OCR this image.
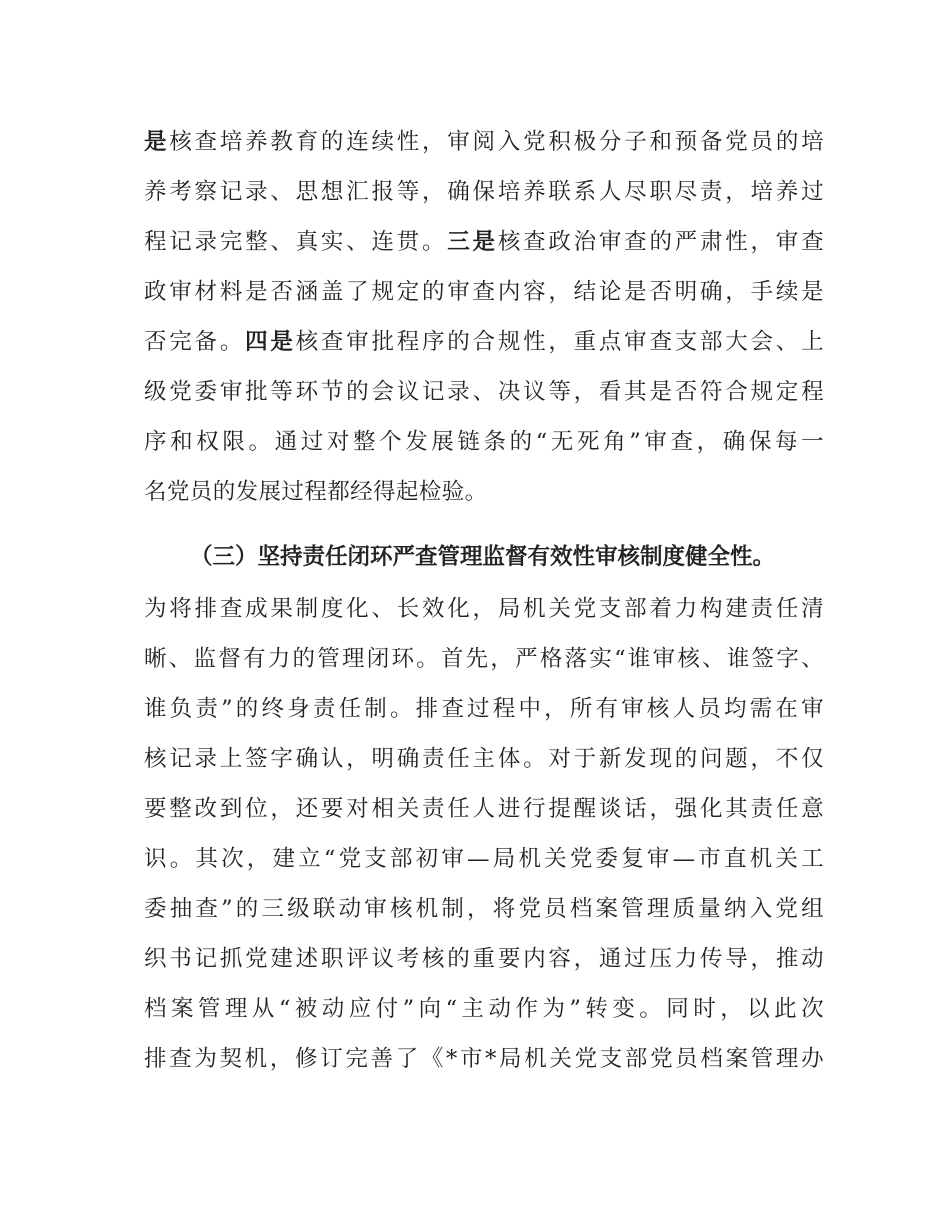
是核查培养教育的连续性，审阅入党积极分子和预备党员的培
养考察记录、思想汇报等，确保培养联系人尽职尽责，培养过
程记录完整、真实、连贯。三是核查政治审查的严肃性，审查
政审材料是否涵盖了规定的审查内容，结论是否明确，手续是
否完备。四是核查审批程序的合规性，重点审查支部大会、上
级党委审批等环节的会议记录、决议等，看其是否符合规定程
序和权限。通过对整个发展链条的“无死角”审查，确保每一
名党员的发展过程都经得起检验。
（三）坚持责任闭环严查管理监督有效性审核制度健全性。
为将排查成果制度化、长效化，局机关党支部着力构建责任清
晰、监督有力的管理闭环。首先，严格落实“谁审核、谁签字、
谁负责”的终身责任制。排查过程中，所有审核人员均需在审
核记录上签字确认，明确责任主体。对于新发现的问题，不仅
要整改到位，还要对相关责任人进行提醒谈话，强化其责任意
识。其次，建立“党支部初审—局机关党委复审—市直机关工
委抽查”的三级联动审核机制，将党员档案管理质量纳入党组
织书记抓党建述职评议考核的重要内容，通过压力传导，推动
档案管理从“被动应付”向“主动作为”转变。同时，以此次
排查为契机，修订完善了《*市*局机关党支部党员档案管理办
